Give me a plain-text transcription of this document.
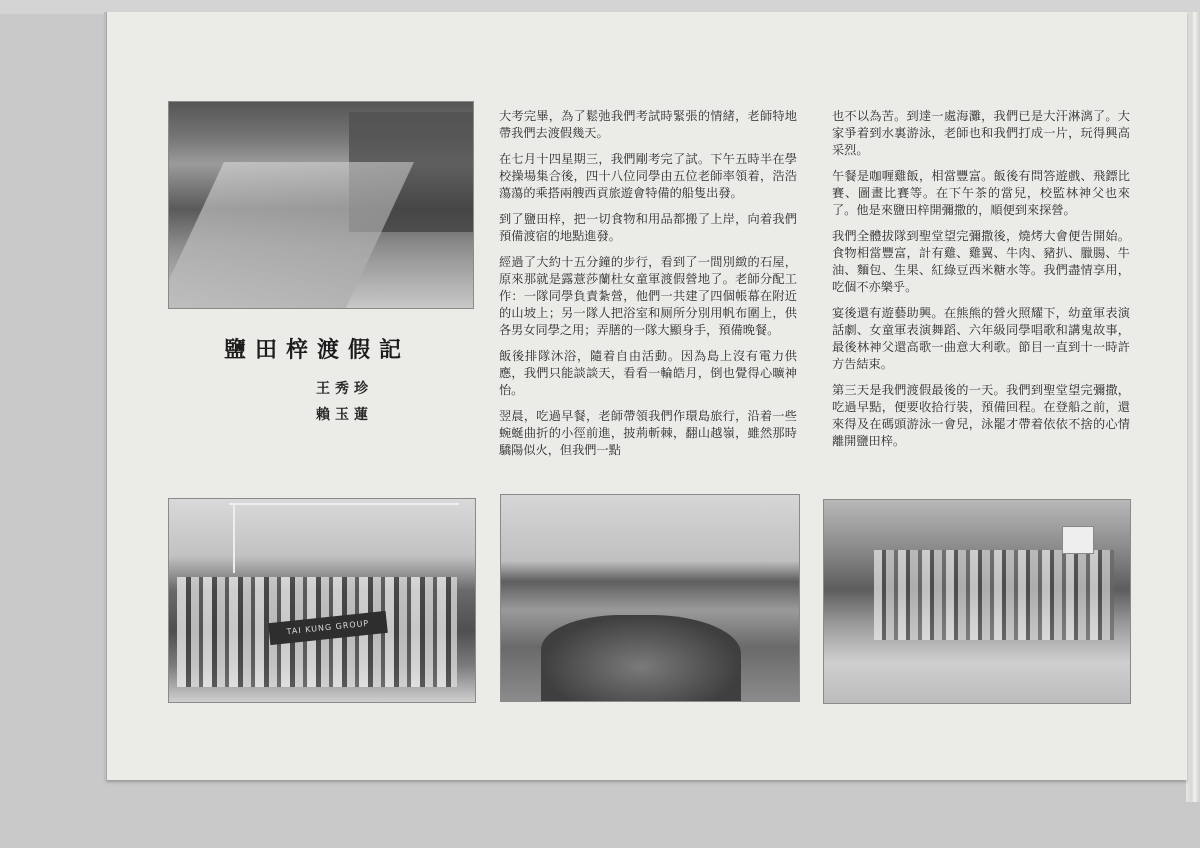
鹽田梓渡假記
王秀珍
賴玉蓮

大考完畢，為了鬆弛我們考試時緊張的情緒，老師特地帶我們去渡假幾天。

在七月十四星期三，我們剛考完了試。下午五時半在學校操場集合後，四十八位同學由五位老師率領着，浩浩蕩蕩的乘搭兩艘西貢旅遊會特備的船隻出發。

到了鹽田梓，把一切食物和用品都搬了上岸，向着我們預備渡宿的地點進發。

經過了大約十五分鐘的步行，看到了一間別緻的石屋，原來那就是露薏莎蘭杜女童軍渡假營地了。老師分配工作：一隊同學負責紮營，他們一共建了四個帳幕在附近的山坡上；另一隊人把浴室和厕所分別用帆布圍上，供各男女同學之用；弄膳的一隊大顯身手，預備晚餐。

飯後排隊沐浴，隨着自由活動。因為島上沒有電力供應，我們只能談談天，看看一輪皓月，倒也覺得心曠神怡。

翌晨，吃過早餐，老師帶領我們作環島旅行，沿着一些蜿蜒曲折的小徑前進，披荊斬棘，翻山越嶺，雖然那時驕陽似火，但我們一點

也不以為苦。到達一處海灘，我們已是大汗淋漓了。大家爭着到水裏游泳，老師也和我們打成一片，玩得興高采烈。

午餐是咖喱雞飯，相當豐富。飯後有問答遊戲、飛鏢比賽、圖畫比賽等。在下午茶的當兒，校監林神父也來了。他是來鹽田梓開彌撒的，順便到來探營。

我們全體拔隊到聖堂望完彌撒後，燒烤大會便告開始。食物相當豐富，計有雞、雞翼、牛肉、豬扒、臘腸、牛油、麵包、生果、紅綠豆西米糖水等。我們盡情享用，吃個不亦樂乎。

宴後還有遊藝助興。在熊熊的營火照耀下，幼童軍表演話劇、女童軍表演舞蹈、六年級同學唱歌和講鬼故事，最後林神父還高歌一曲意大利歌。節目一直到十一時許方告結束。

第三天是我們渡假最後的一天。我們到聖堂望完彌撒，吃過早點，便要收拾行裝，預備回程。在登船之前，還來得及在碼頭游泳一會兒，泳罷才帶着依依不捨的心情離開鹽田梓。

TAI KUNG GROUP
